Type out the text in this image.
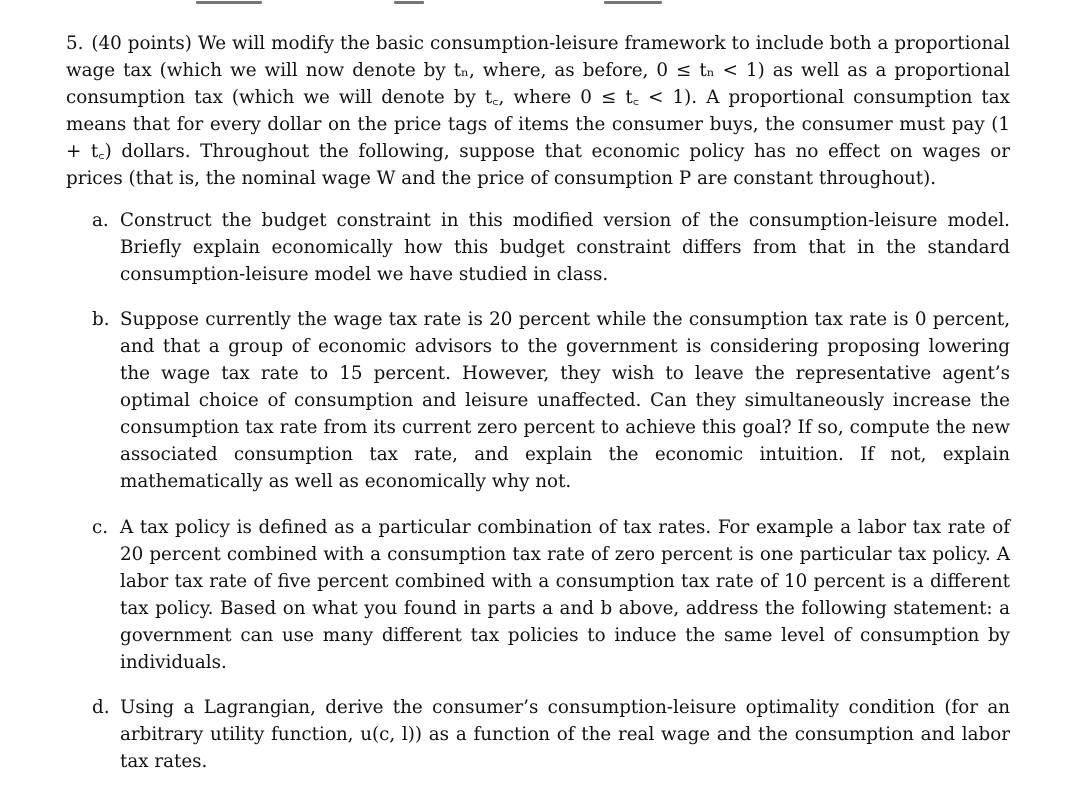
5. (40 points) We will modify the basic consumption-leisure framework to include both a proportional wage tax (which we will now denote by tₙ, where, as before, 0 ≤ tₙ < 1) as well as a proportional consumption tax (which we will denote by t꜀, where 0 ≤ t꜀ < 1). A proportional consumption tax means that for every dollar on the price tags of items the consumer buys, the consumer must pay (1 + t꜀) dollars. Throughout the following, suppose that economic policy has no effect on wages or prices (that is, the nominal wage W and the price of consumption P are constant throughout).

a. Construct the budget constraint in this modified version of the consumption-leisure model. Briefly explain economically how this budget constraint differs from that in the standard consumption-leisure model we have studied in class.
b. Suppose currently the wage tax rate is 20 percent while the consumption tax rate is 0 percent, and that a group of economic advisors to the government is considering proposing lowering the wage tax rate to 15 percent. However, they wish to leave the representative agent’s optimal choice of consumption and leisure unaffected. Can they simultaneously increase the consumption tax rate from its current zero percent to achieve this goal? If so, compute the new associated consumption tax rate, and explain the economic intuition. If not, explain mathematically as well as economically why not.
c. A tax policy is defined as a particular combination of tax rates. For example a labor tax rate of 20 percent combined with a consumption tax rate of zero percent is one particular tax policy. A labor tax rate of five percent combined with a consumption tax rate of 10 percent is a different tax policy. Based on what you found in parts a and b above, address the following statement: a government can use many different tax policies to induce the same level of consumption by individuals.
d. Using a Lagrangian, derive the consumer’s consumption-leisure optimality condition (for an arbitrary utility function, u(c, l)) as a function of the real wage and the consumption and labor tax rates.
